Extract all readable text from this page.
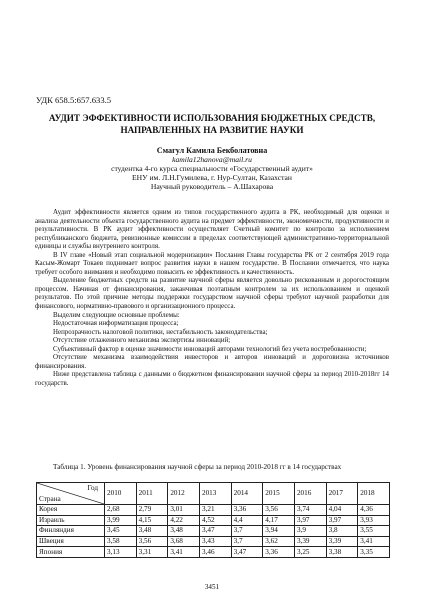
УДК 658.5:657.633.5
АУДИТ ЭФФЕКТИВНОСТИ ИСПОЛЬЗОВАНИЯ БЮДЖЕТНЫХ СРЕДСТВ, НАПРАВЛЕННЫХ НА РАЗВИТИЕ НАУКИ
Смагул Камила Бекболатовна
kamila12hanova@mail.ru
студентка 4-го курса специальности «Государственный аудит»
ЕНУ им. Л.Н.Гумилева, г. Нур-Султан, Казахстан
Научный руководитель – А.Шахарова

Аудит эффективности является одним из типов государственного аудита в РК, необходимый для оценки и анализа деятельности объекта государственного аудита на предмет эффективности, экономичности, продуктивности и результативности. В РК аудит эффективности осуществляет Счетный комитет по контролю за исполнением республиканского бюджета, ревизионные комиссии в пределах соответствующей административно-территориальной единицы и службы внутреннего контроля.

В IV главе «Новый этап социальной модернизации» Послания Главы государства РК от 2 сентября 2019 года Касым-Жомарт Токаев поднимает вопрос развития науки в нашем государстве. В Послании отмечается, что наука требует особого внимания и необходимо повысить ее эффективность и качественность.

Выделение бюджетных средств на развитие научной сферы является довольно рискованным и дорогостоящим процессом. Начиная от финансирования, заканчивая поэтапным контролем за их использованием и оценкой результатов. По этой причине методы поддержки государством научной сферы требуют научной разработки для финансового, нормативно-правового и организационного процесса.

Выделим следующие основные проблемы:

Недостаточная информатизация процесса;

Непрозрачность налоговой политики, нестабильность законодательства;

Отсутствие отлаженного механизма экспертизы инноваций;

Субъективный фактор в оценке значимости инноваций авторами технологий без учета востребованности;

Отсутствие механизма взаимодействия инвесторов и авторов инноваций и дороговизна источников финансирования.

Ниже представлена таблица с данными о бюджетном финансировании научной сферы за период 2010-2018гг 14 государств.

Таблица 1. Уровень финансирования научной сферы за период 2010-2018 гг в 14 государствах

Год
Страна	2010	2011	2012	2013	2014	2015	2016	2017	2018
Корея	2,68	2,79	3,01	3,21	3,36	3,56	3,74	4,04	4,36
Израиль	3,99	4,15	4,22	4,52	4,4	4,17	3,97	3,97	3,93
Финляндия	3,45	3,48	3,48	3,47	3,7	3,94	3,9	3,8	3,55
Швеция	3,58	3,56	3,68	3,43	3,7	3,62	3,39	3,39	3,41
Япония	3,13	3,31	3,41	3,46	3,47	3,36	3,25	3,38	3,35
3451
